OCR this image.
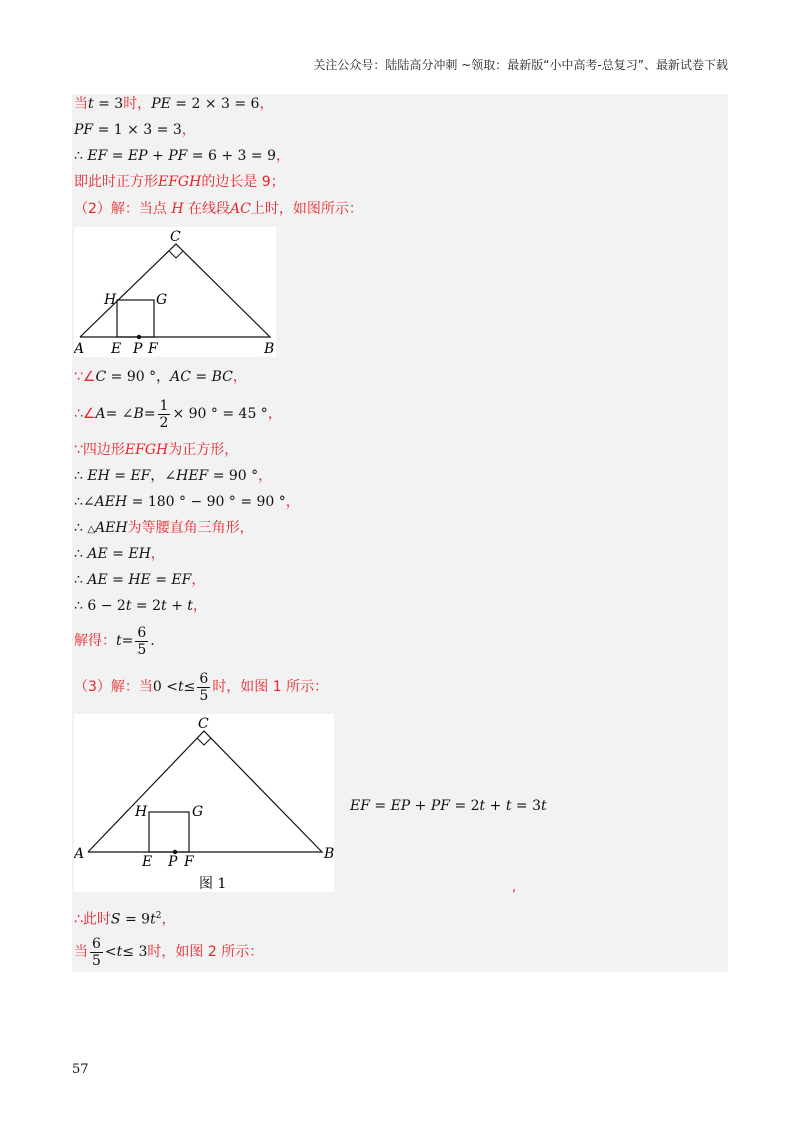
关注公众号：陆陆高分冲刺 ~领取：最新版“小中高考-总复习”、最新试卷下载
当t = 3时，PE = 2 × 3 = 6，
PF = 1 × 3 = 3，
∴ EF = EP + PF = 6 + 3 = 9，
即此时正方形EFGH的边长是 9；
（2）解：当点 H 在线段AC上时，如图所示：
C
H	G
A E P F	B
∵∠C = 90 °，AC = BC，
∴∠ A = ∠ $B = \frac{1}{2} \times 90$ ° = 45 ° ，
∵四边形EFGH为正方形，
∴ EH = EF，∠HEF = 90 °，
∴∠AEH = 180 ° − 90 ° = 90 °，
∴ △AEH为等腰直角三角形，
∴ AE = EH，
∴ AE = HE = EF，
∴ 6 − 2t = 2t + t，
解得： $t = \frac{6}{5}$ .
（3）解：当 $0 < t \le \frac{6}{5}$ 时，如图 1 所示：
C
H	G
A	E P F	B
图 1
EF = EP + PF = 2t + t = 3t
,
∴此时$S = 9t^2$，
当 $\frac{6}{5} < t \le 3$ 时，如图 2 所示：
57
